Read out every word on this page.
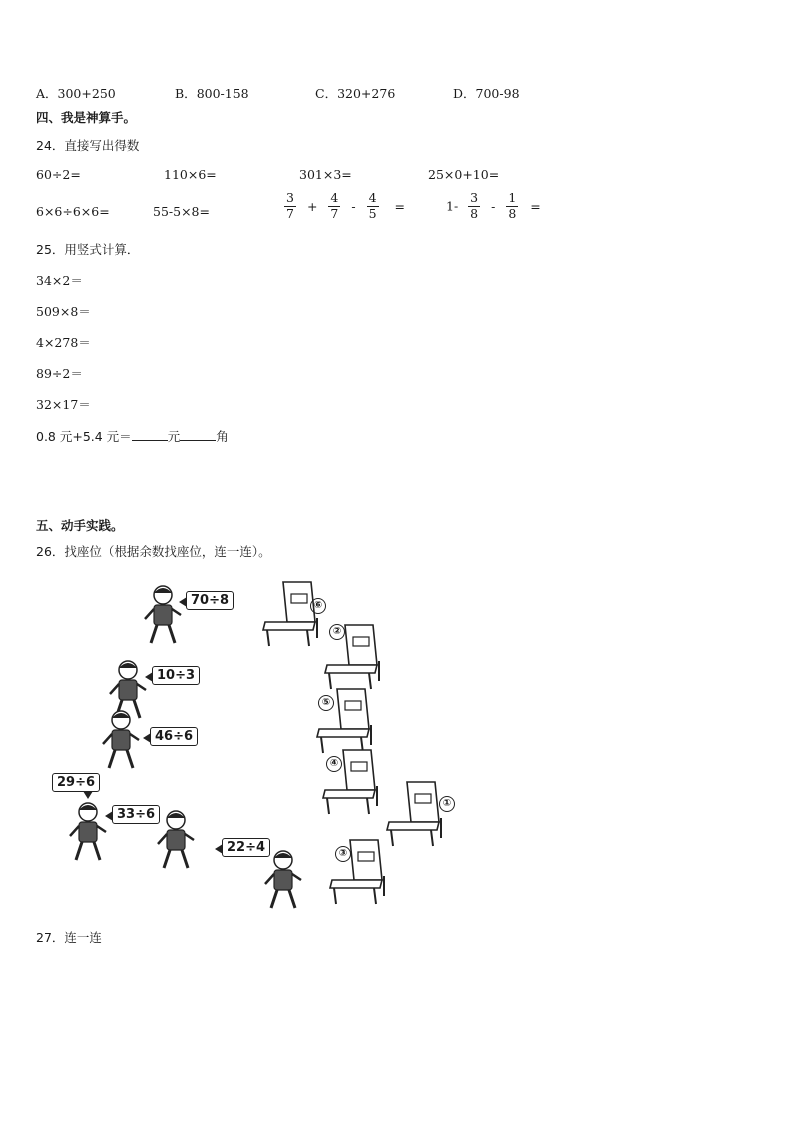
A．300+250	B．800-158	C．320+276	D．700-98
四、我是神算手。
24．直接写出得数
60÷2=	110×6=	301×3=	25×0+10=
6×6÷6×6=	55-5×8=	$\frac{3}{7} + \frac{4}{7} - \frac{4}{5}$ =	$1- \frac{3}{8} - \frac{1}{8}$ =
25．用竖式计算．
34×2＝
509×8＝
4×278＝
89÷2＝
32×17＝
0.8 元+5.4 元＝	元	角
五、动手实践。
26．找座位（根据余数找座位，连一连）。
70÷8
10÷3
46÷6
29÷6
33÷6
22÷4
⑥
②
⑤
④
①
③
27．连一连
